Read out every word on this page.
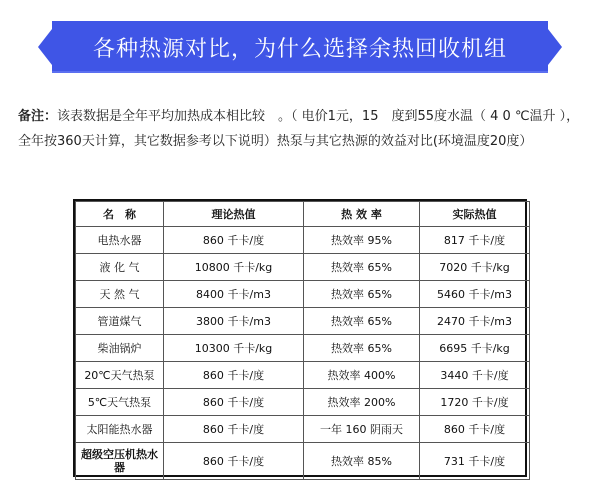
各种热源对比，为什么选择余热回收机组
备注：该表数据是全年平均加热成本相比较　。（ 电价1元，15　度到55度水温（ 4 0 ℃温升 ），全年按360天计算，其它数据参考以下说明）热泵与其它热源的效益对比(环境温度20度）
名　称	理论热值	热 效 率	实际热值
电热水器	860 千卡/度	热效率 95%	817 千卡/度
液 化 气	10800 千卡/kg	热效率 65%	7020 千卡/kg
天 然 气	8400 千卡/m3	热效率 65%	5460 千卡/m3
管道煤气	3800 千卡/m3	热效率 65%	2470 千卡/m3
柴油锅炉	10300 千卡/kg	热效率 65%	6695 千卡/kg
20℃天气热泵	860 千卡/度	热效率 400%	3440 千卡/度
5℃天气热泵	860 千卡/度	热效率 200%	1720 千卡/度
太阳能热水器	860 千卡/度	一年 160 阴雨天	860 千卡/度
超级空压机热水器	860 千卡/度	热效率 85%	731 千卡/度
